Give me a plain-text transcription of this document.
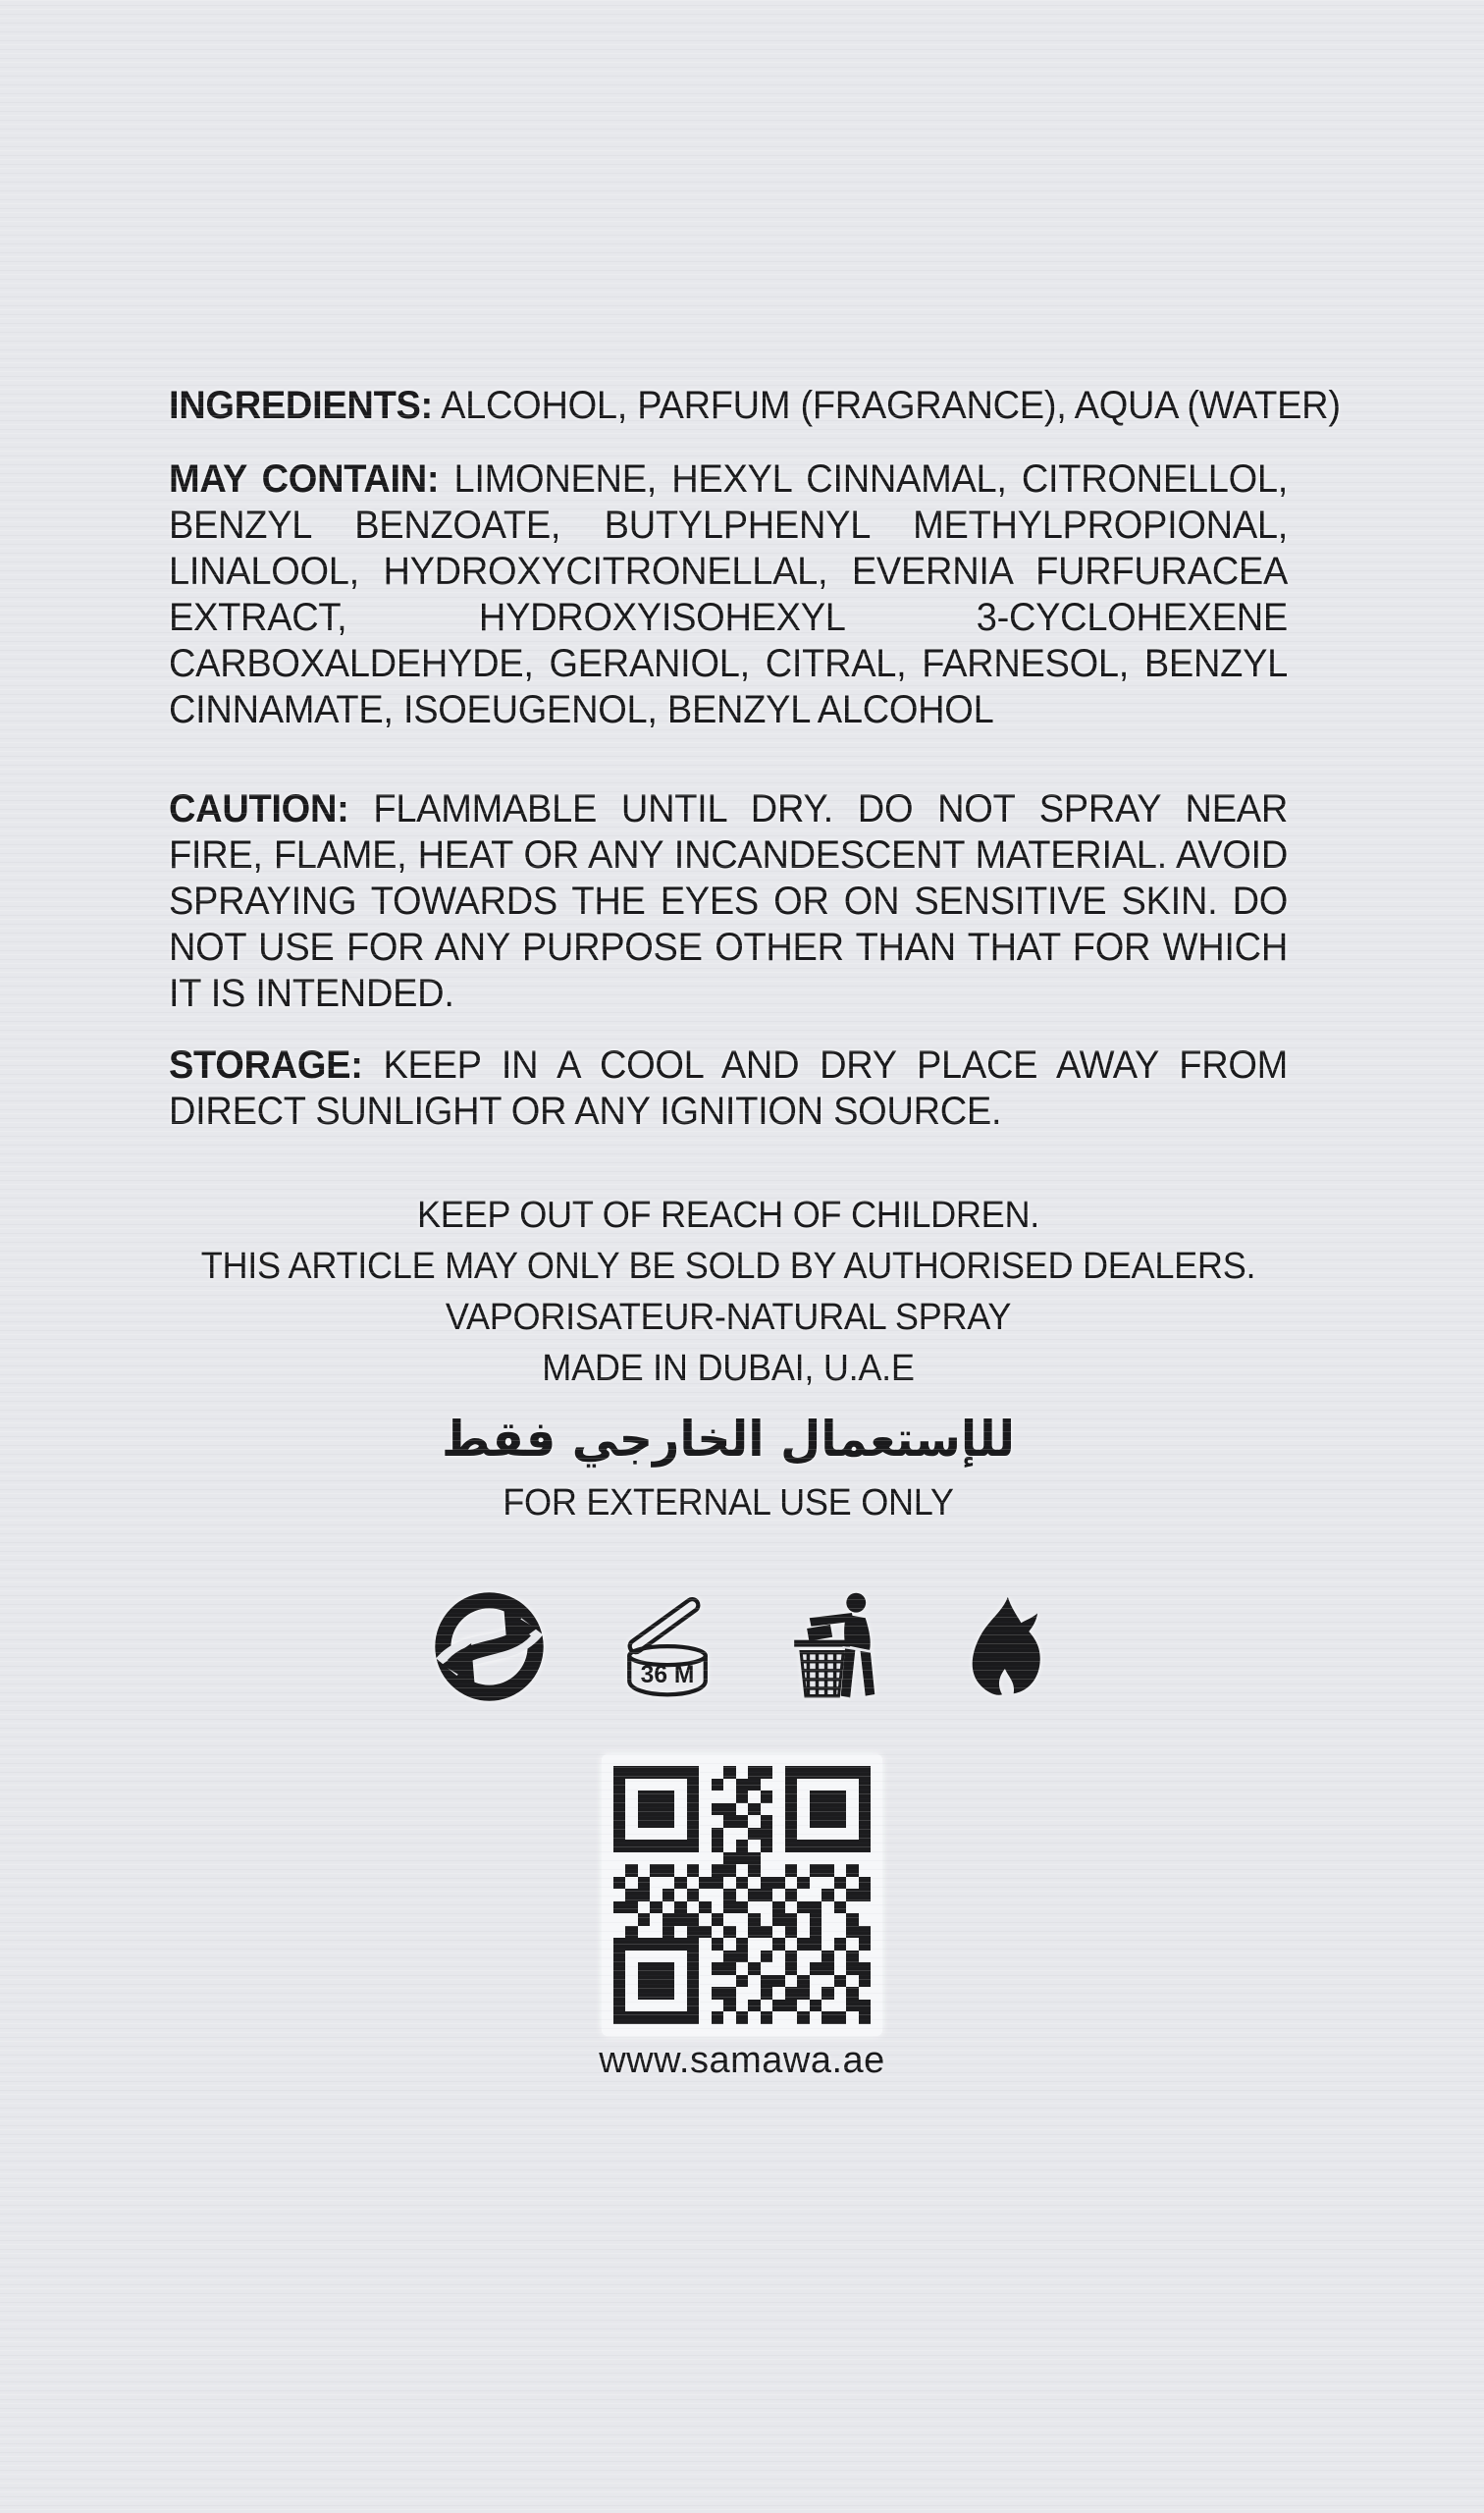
INGREDIENTS: ALCOHOL, PARFUM (FRAGRANCE), AQUA (WATER)

MAY CONTAIN: LIMONENE, HEXYL CINNAMAL, CITRONELLOL, BENZYL BENZOATE, BUTYLPHENYL METHYLPROPIONAL, LINALOOL, HYDROXYCITRONELLAL, EVERNIA FURFURACEA EXTRACT, HYDROXYISOHEXYL 3-CYCLOHEXENE CARBOXALDEHYDE, GERANIOL, CITRAL, FARNESOL, BENZYL CINNAMATE, ISOEUGENOL, BENZYL ALCOHOL

CAUTION: FLAMMABLE UNTIL DRY. DO NOT SPRAY NEAR FIRE, FLAME, HEAT OR ANY INCANDESCENT MATERIAL. AVOID SPRAYING TOWARDS THE EYES OR ON SENSITIVE SKIN. DO NOT USE FOR ANY PURPOSE OTHER THAN THAT FOR WHICH IT IS INTENDED.

STORAGE: KEEP IN A COOL AND DRY PLACE AWAY FROM DIRECT SUNLIGHT OR ANY IGNITION SOURCE.

KEEP OUT OF REACH OF CHILDREN.
THIS ARTICLE MAY ONLY BE SOLD BY AUTHORISED DEALERS.
VAPORISATEUR-NATURAL SPRAY
MADE IN DUBAI, U.A.E
للإستعمال الخارجي فقط
FOR EXTERNAL USE ONLY
36 M
www.samawa.ae
